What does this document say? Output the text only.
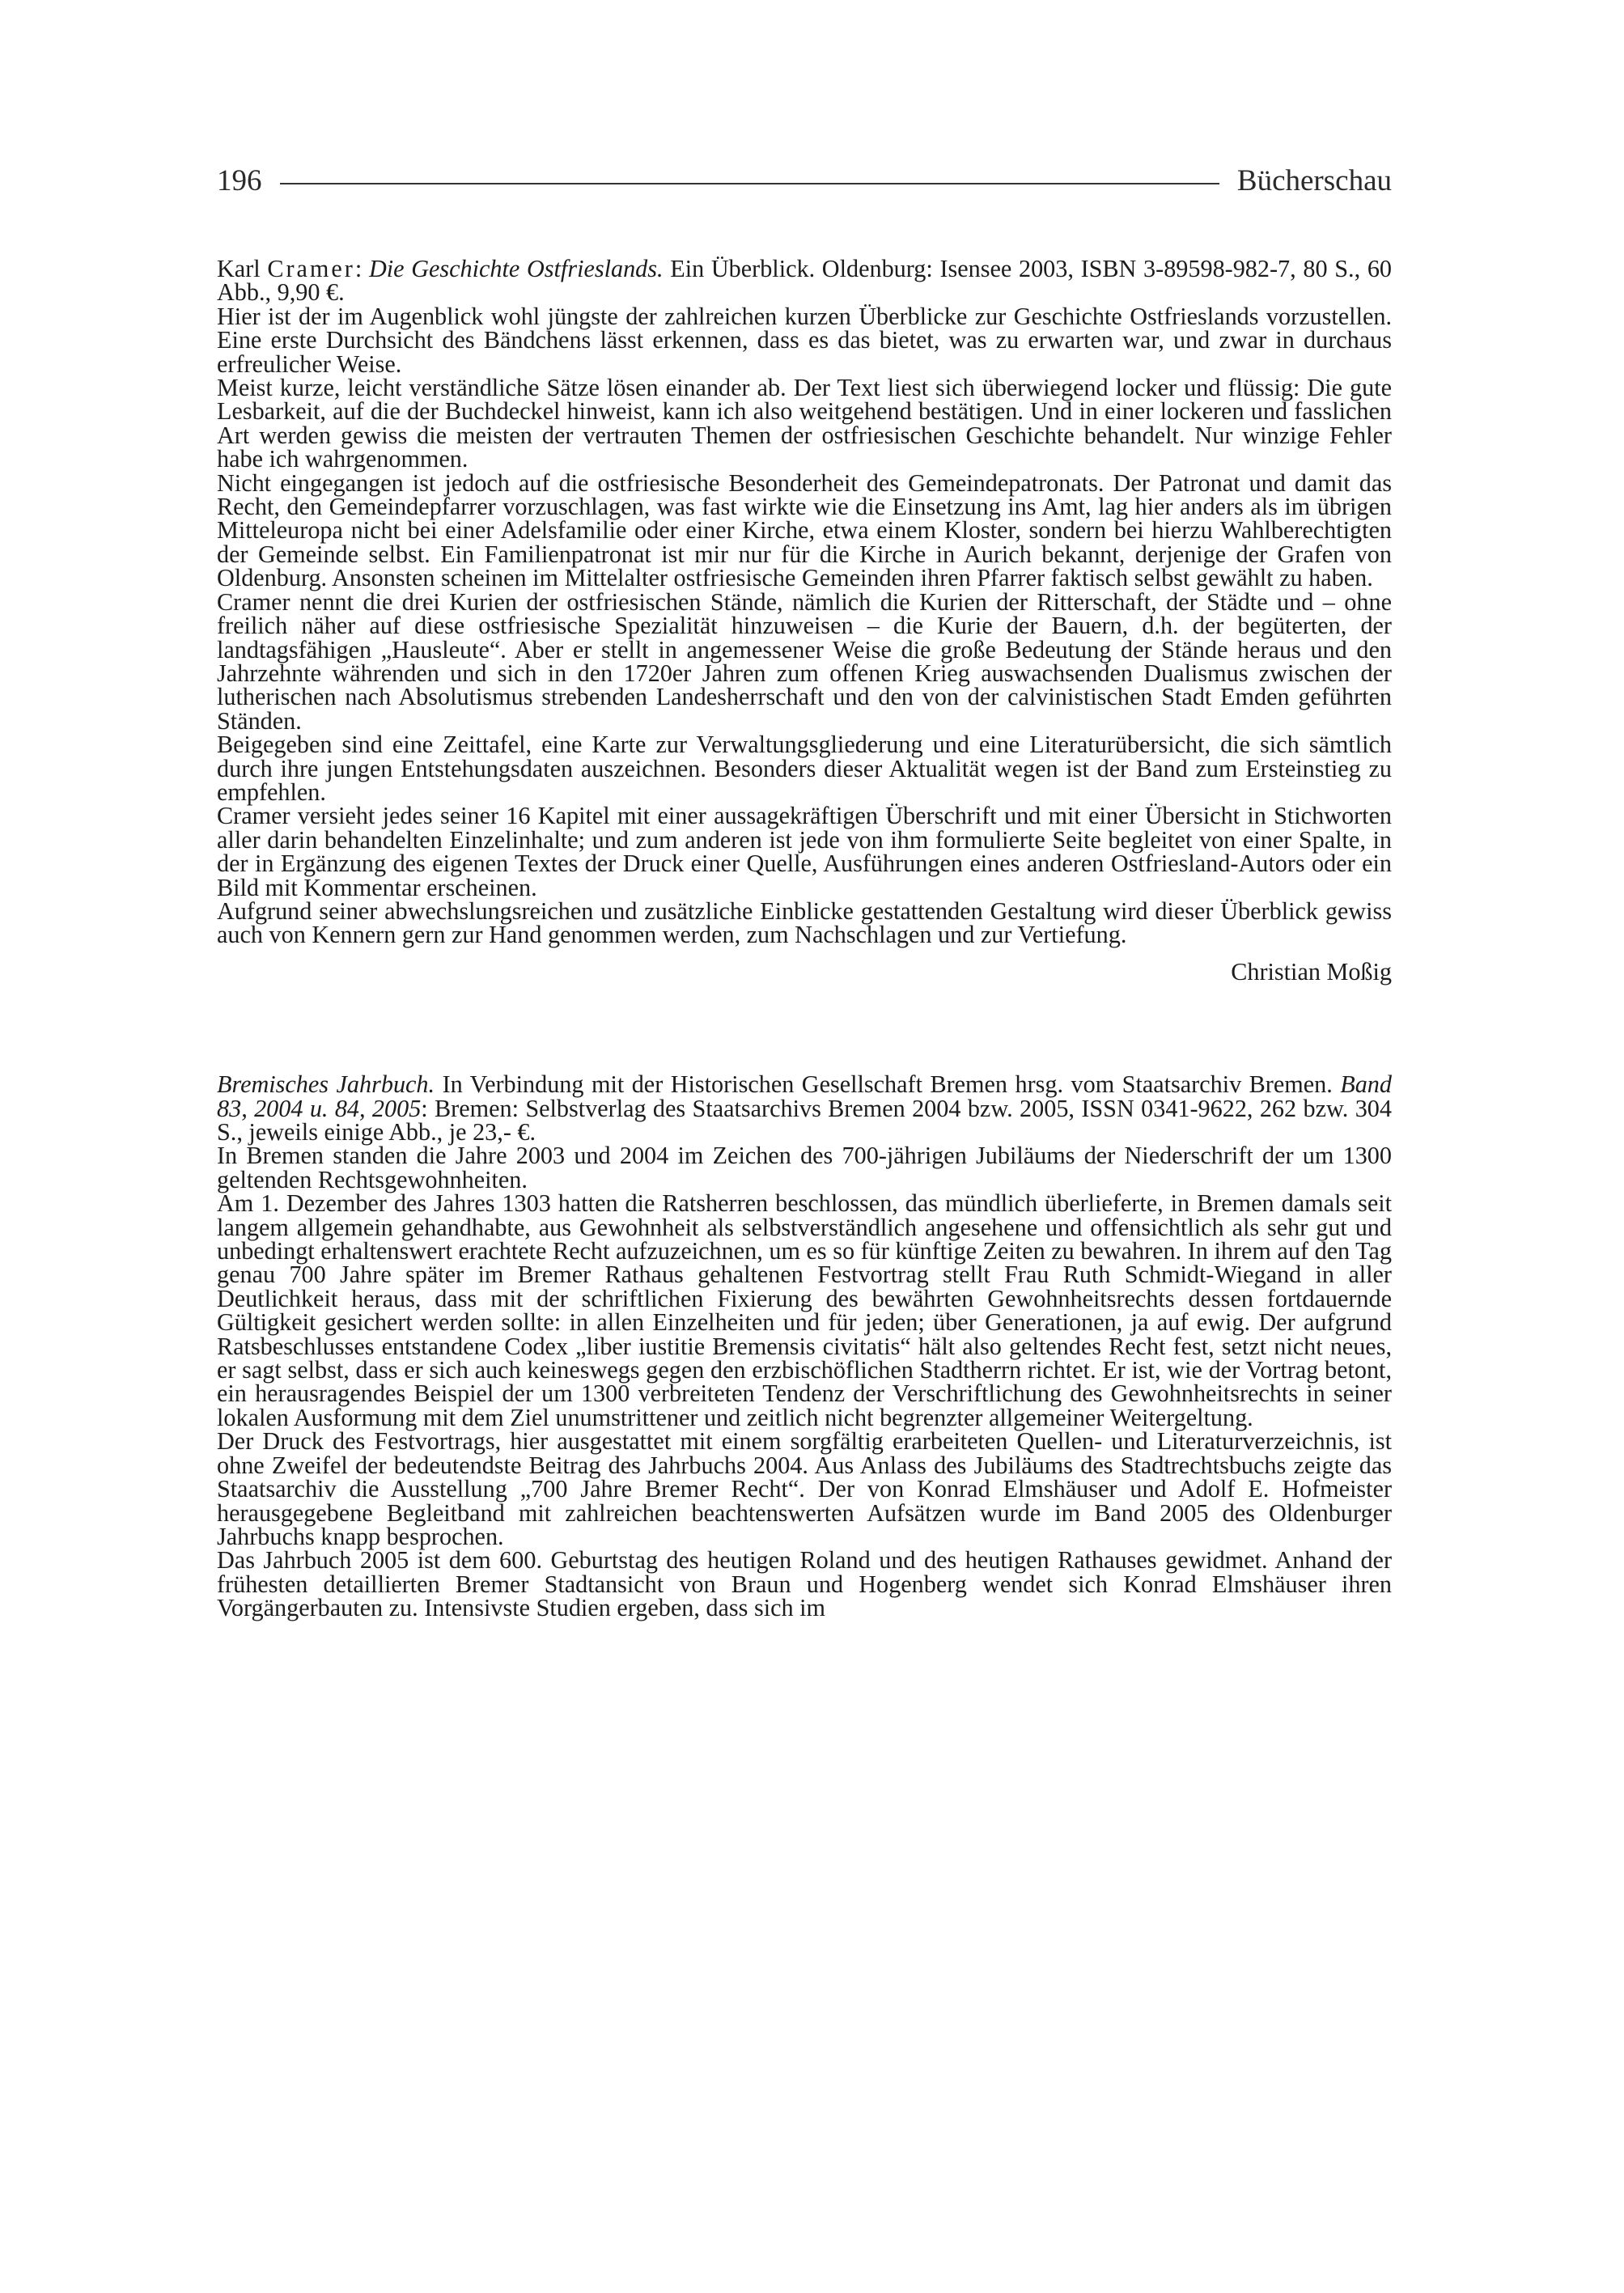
196	Bücherschau

Karl Cramer: Die Geschichte Ostfrieslands. Ein Überblick. Oldenburg: Isensee 2003, ISBN 3-89598-982-7, 80 S., 60 Abb., 9,90 €.

Hier ist der im Augenblick wohl jüngste der zahlreichen kurzen Überblicke zur Geschichte Ostfrieslands vorzustellen. Eine erste Durchsicht des Bändchens lässt erkennen, dass es das bietet, was zu erwarten war, und zwar in durchaus erfreulicher Weise.

Meist kurze, leicht verständliche Sätze lösen einander ab. Der Text liest sich überwiegend locker und flüssig: Die gute Lesbarkeit, auf die der Buchdeckel hinweist, kann ich also weitgehend bestätigen. Und in einer lockeren und fasslichen Art werden gewiss die meisten der vertrauten Themen der ostfriesischen Geschichte behandelt. Nur winzige Fehler habe ich wahrgenommen.

Nicht eingegangen ist jedoch auf die ostfriesische Besonderheit des Gemeindepatronats. Der Patronat und damit das Recht, den Gemeindepfarrer vorzuschlagen, was fast wirkte wie die Einsetzung ins Amt, lag hier anders als im übrigen Mitteleuropa nicht bei einer Adelsfamilie oder einer Kirche, etwa einem Kloster, sondern bei hierzu Wahlberechtigten der Gemeinde selbst. Ein Familienpatronat ist mir nur für die Kirche in Aurich bekannt, derjenige der Grafen von Oldenburg. Ansonsten scheinen im Mittelalter ostfriesische Gemeinden ihren Pfarrer faktisch selbst gewählt zu haben.

Cramer nennt die drei Kurien der ostfriesischen Stände, nämlich die Kurien der Ritterschaft, der Städte und – ohne freilich näher auf diese ostfriesische Spezialität hinzuweisen – die Kurie der Bauern, d.h. der begüterten, der landtagsfähigen „Hausleute“. Aber er stellt in angemessener Weise die große Bedeutung der Stände heraus und den Jahrzehnte währenden und sich in den 1720er Jahren zum offenen Krieg auswachsenden Dualismus zwischen der lutherischen nach Absolutismus strebenden Landesherrschaft und den von der calvinistischen Stadt Emden geführten Ständen.

Beigegeben sind eine Zeittafel, eine Karte zur Verwaltungsgliederung und eine Literaturübersicht, die sich sämtlich durch ihre jungen Entstehungsdaten auszeichnen. Besonders dieser Aktualität wegen ist der Band zum Ersteinstieg zu empfehlen.

Cramer versieht jedes seiner 16 Kapitel mit einer aussagekräftigen Überschrift und mit einer Übersicht in Stichworten aller darin behandelten Einzelinhalte; und zum anderen ist jede von ihm formulierte Seite begleitet von einer Spalte, in der in Ergänzung des eigenen Textes der Druck einer Quelle, Ausführungen eines anderen Ostfriesland-Autors oder ein Bild mit Kommentar erscheinen.

Aufgrund seiner abwechslungsreichen und zusätzliche Einblicke gestattenden Gestaltung wird dieser Überblick gewiss auch von Kennern gern zur Hand genommen werden, zum Nachschlagen und zur Vertiefung.

Christian Moßig

Bremisches Jahrbuch. In Verbindung mit der Historischen Gesellschaft Bremen hrsg. vom Staatsarchiv Bremen. Band 83, 2004 u. 84, 2005: Bremen: Selbstverlag des Staatsarchivs Bremen 2004 bzw. 2005, ISSN 0341-9622, 262 bzw. 304 S., jeweils einige Abb., je 23,- €.

In Bremen standen die Jahre 2003 und 2004 im Zeichen des 700-jährigen Jubiläums der Niederschrift der um 1300 geltenden Rechtsgewohnheiten.

Am 1. Dezember des Jahres 1303 hatten die Ratsherren beschlossen, das mündlich überlieferte, in Bremen damals seit langem allgemein gehandhabte, aus Gewohnheit als selbstverständlich angesehene und offensichtlich als sehr gut und unbedingt erhaltenswert erachtete Recht aufzuzeichnen, um es so für künftige Zeiten zu bewahren. In ihrem auf den Tag genau 700 Jahre später im Bremer Rathaus gehaltenen Festvortrag stellt Frau Ruth Schmidt-Wiegand in aller Deutlichkeit heraus, dass mit der schriftlichen Fixierung des bewährten Gewohnheitsrechts dessen fortdauernde Gültigkeit gesichert werden sollte: in allen Einzelheiten und für jeden; über Generationen, ja auf ewig. Der aufgrund Ratsbeschlusses entstandene Codex „liber iustitie Bremensis civitatis“ hält also geltendes Recht fest, setzt nicht neues, er sagt selbst, dass er sich auch keineswegs gegen den erzbischöflichen Stadtherrn richtet. Er ist, wie der Vortrag betont, ein herausragendes Beispiel der um 1300 verbreiteten Tendenz der Verschriftlichung des Gewohnheitsrechts in seiner lokalen Ausformung mit dem Ziel unumstrittener und zeitlich nicht begrenzter allgemeiner Weitergeltung.

Der Druck des Festvortrags, hier ausgestattet mit einem sorgfältig erarbeiteten Quellen- und Literaturverzeichnis, ist ohne Zweifel der bedeutendste Beitrag des Jahrbuchs 2004. Aus Anlass des Jubiläums des Stadtrechtsbuchs zeigte das Staatsarchiv die Ausstellung „700 Jahre Bremer Recht“. Der von Konrad Elmshäuser und Adolf E. Hofmeister herausgegebene Begleitband mit zahlreichen beachtenswerten Aufsätzen wurde im Band 2005 des Oldenburger Jahrbuchs knapp besprochen.

Das Jahrbuch 2005 ist dem 600. Geburtstag des heutigen Roland und des heutigen Rathauses gewidmet. Anhand der frühesten detaillierten Bremer Stadtansicht von Braun und Hogenberg wendet sich Konrad Elmshäuser ihren Vorgängerbauten zu. Intensivste Studien ergeben, dass sich im
